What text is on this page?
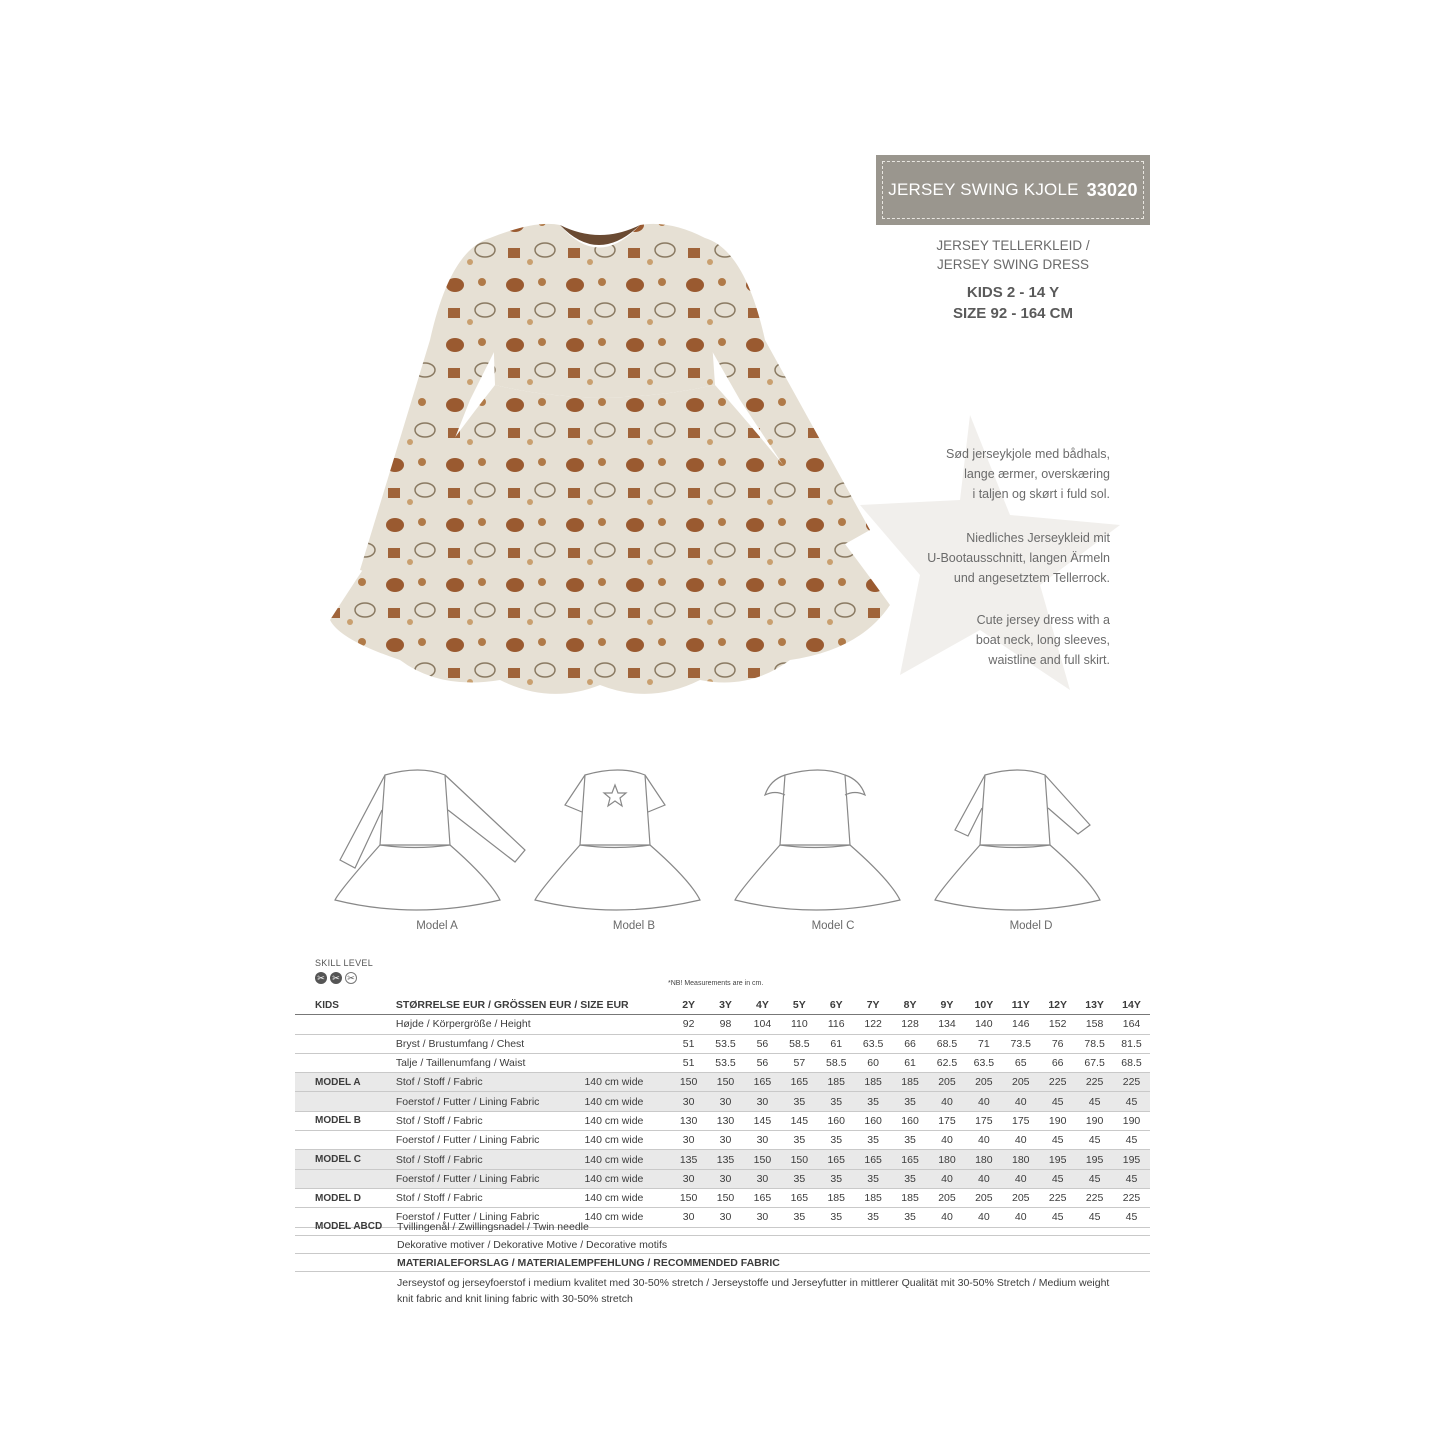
JERSEY SWING KJOLE 33020
JERSEY TELLERKLEID /
JERSEY SWING DRESS
KIDS 2 - 14 Y
SIZE 92 - 164 CM
Sød jerseykjole med bådhals,
lange ærmer, overskæring
i taljen og skørt i fuld sol.
Niedliches Jerseykleid mit
U-Bootausschnitt, langen Ärmeln
und angesetztem Tellerrock.
Cute jersey dress with a
boat neck, long sleeves,
waistline and full skirt.
Model A	Model B	Model C	Model D
SKILL LEVEL
✂ ✂ ✂
*NB! Measurements are in cm.
KIDS	STØRRELSE EUR / GRÖSSEN EUR / SIZE EUR		2Y	3Y	4Y	5Y	6Y	7Y	8Y	9Y	10Y	11Y	12Y	13Y	14Y
	Højde / Körpergröße / Height		92	98	104	110	116	122	128	134	140	146	152	158	164
	Bryst / Brustumfang / Chest		51	53.5	56	58.5	61	63.5	66	68.5	71	73.5	76	78.5	81.5
	Talje / Taillenumfang / Waist		51	53.5	56	57	58.5	60	61	62.5	63.5	65	66	67.5	68.5
MODEL A	Stof / Stoff / Fabric	140 cm wide	150	150	165	165	185	185	185	205	205	205	225	225	225
	Foerstof / Futter / Lining Fabric	140 cm wide	30	30	30	35	35	35	35	40	40	40	45	45	45
MODEL B	Stof / Stoff / Fabric	140 cm wide	130	130	145	145	160	160	160	175	175	175	190	190	190
	Foerstof / Futter / Lining Fabric	140 cm wide	30	30	30	35	35	35	35	40	40	40	45	45	45
MODEL C	Stof / Stoff / Fabric	140 cm wide	135	135	150	150	165	165	165	180	180	180	195	195	195
	Foerstof / Futter / Lining Fabric	140 cm wide	30	30	30	35	35	35	35	40	40	40	45	45	45
MODEL D	Stof / Stoff / Fabric	140 cm wide	150	150	165	165	185	185	185	205	205	205	225	225	225
	Foerstof / Futter / Lining Fabric	140 cm wide	30	30	30	35	35	35	35	40	40	40	45	45	45
MODEL ABCD Tvillingenål / Zwillingsnadel / Twin needle
Dekorative motiver / Dekorative Motive / Decorative motifs
MATERIALEFORSLAG / MATERIALEMPFEHLUNG / RECOMMENDED FABRIC
Jerseystof og jerseyfoerstof i medium kvalitet med 30-50% stretch / Jerseystoffe und Jerseyfutter in mittlerer Qualität mit 30-50% Stretch / Medium weight knit fabric and knit lining fabric with 30-50% stretch
